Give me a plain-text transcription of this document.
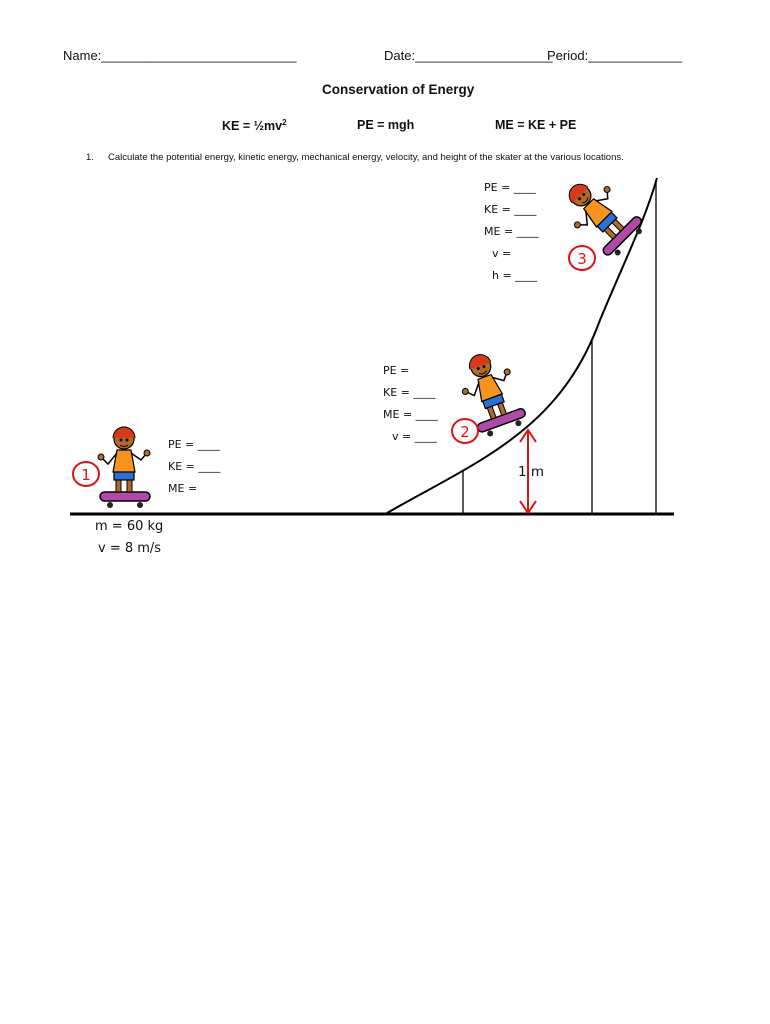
Name:___________________________	Date:___________________
Period:_____________
Conservation of Energy
KE = $\frac{1}{2}mv^2$	PE = mgh	ME = KE + PE
1. Calculate the potential energy, kinetic energy, mechanical energy, velocity, and height of the skater at the various locations.
1
2
3
PE = ____
KE = ____
ME =
PE =
KE = ____
ME = ____
v = ____
PE = ____
KE = ____
ME = ____
v =
h = ____
1 m
m = 60 kg
v = 8 m/s
